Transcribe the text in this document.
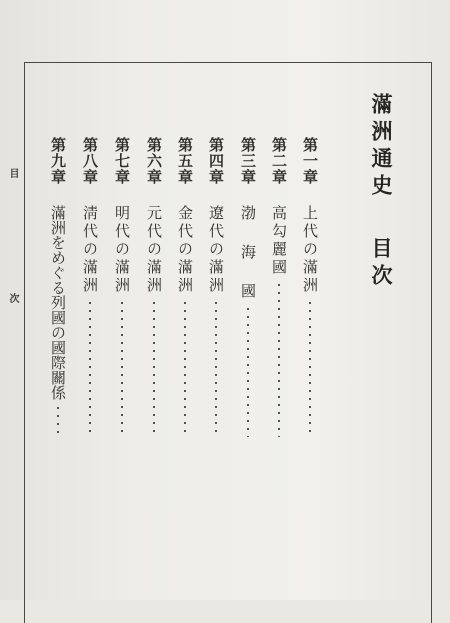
目 次
滿洲通史目次
第一章
上代の滿洲
第二章
高勾麗國
第三章
渤 海 國
第四章
遼代の滿洲
第五章
金代の滿洲
第六章
元代の滿洲
第七章
明代の滿洲
第八章
淸代の滿洲
第九章
滿洲をめぐる列國の國際關係
